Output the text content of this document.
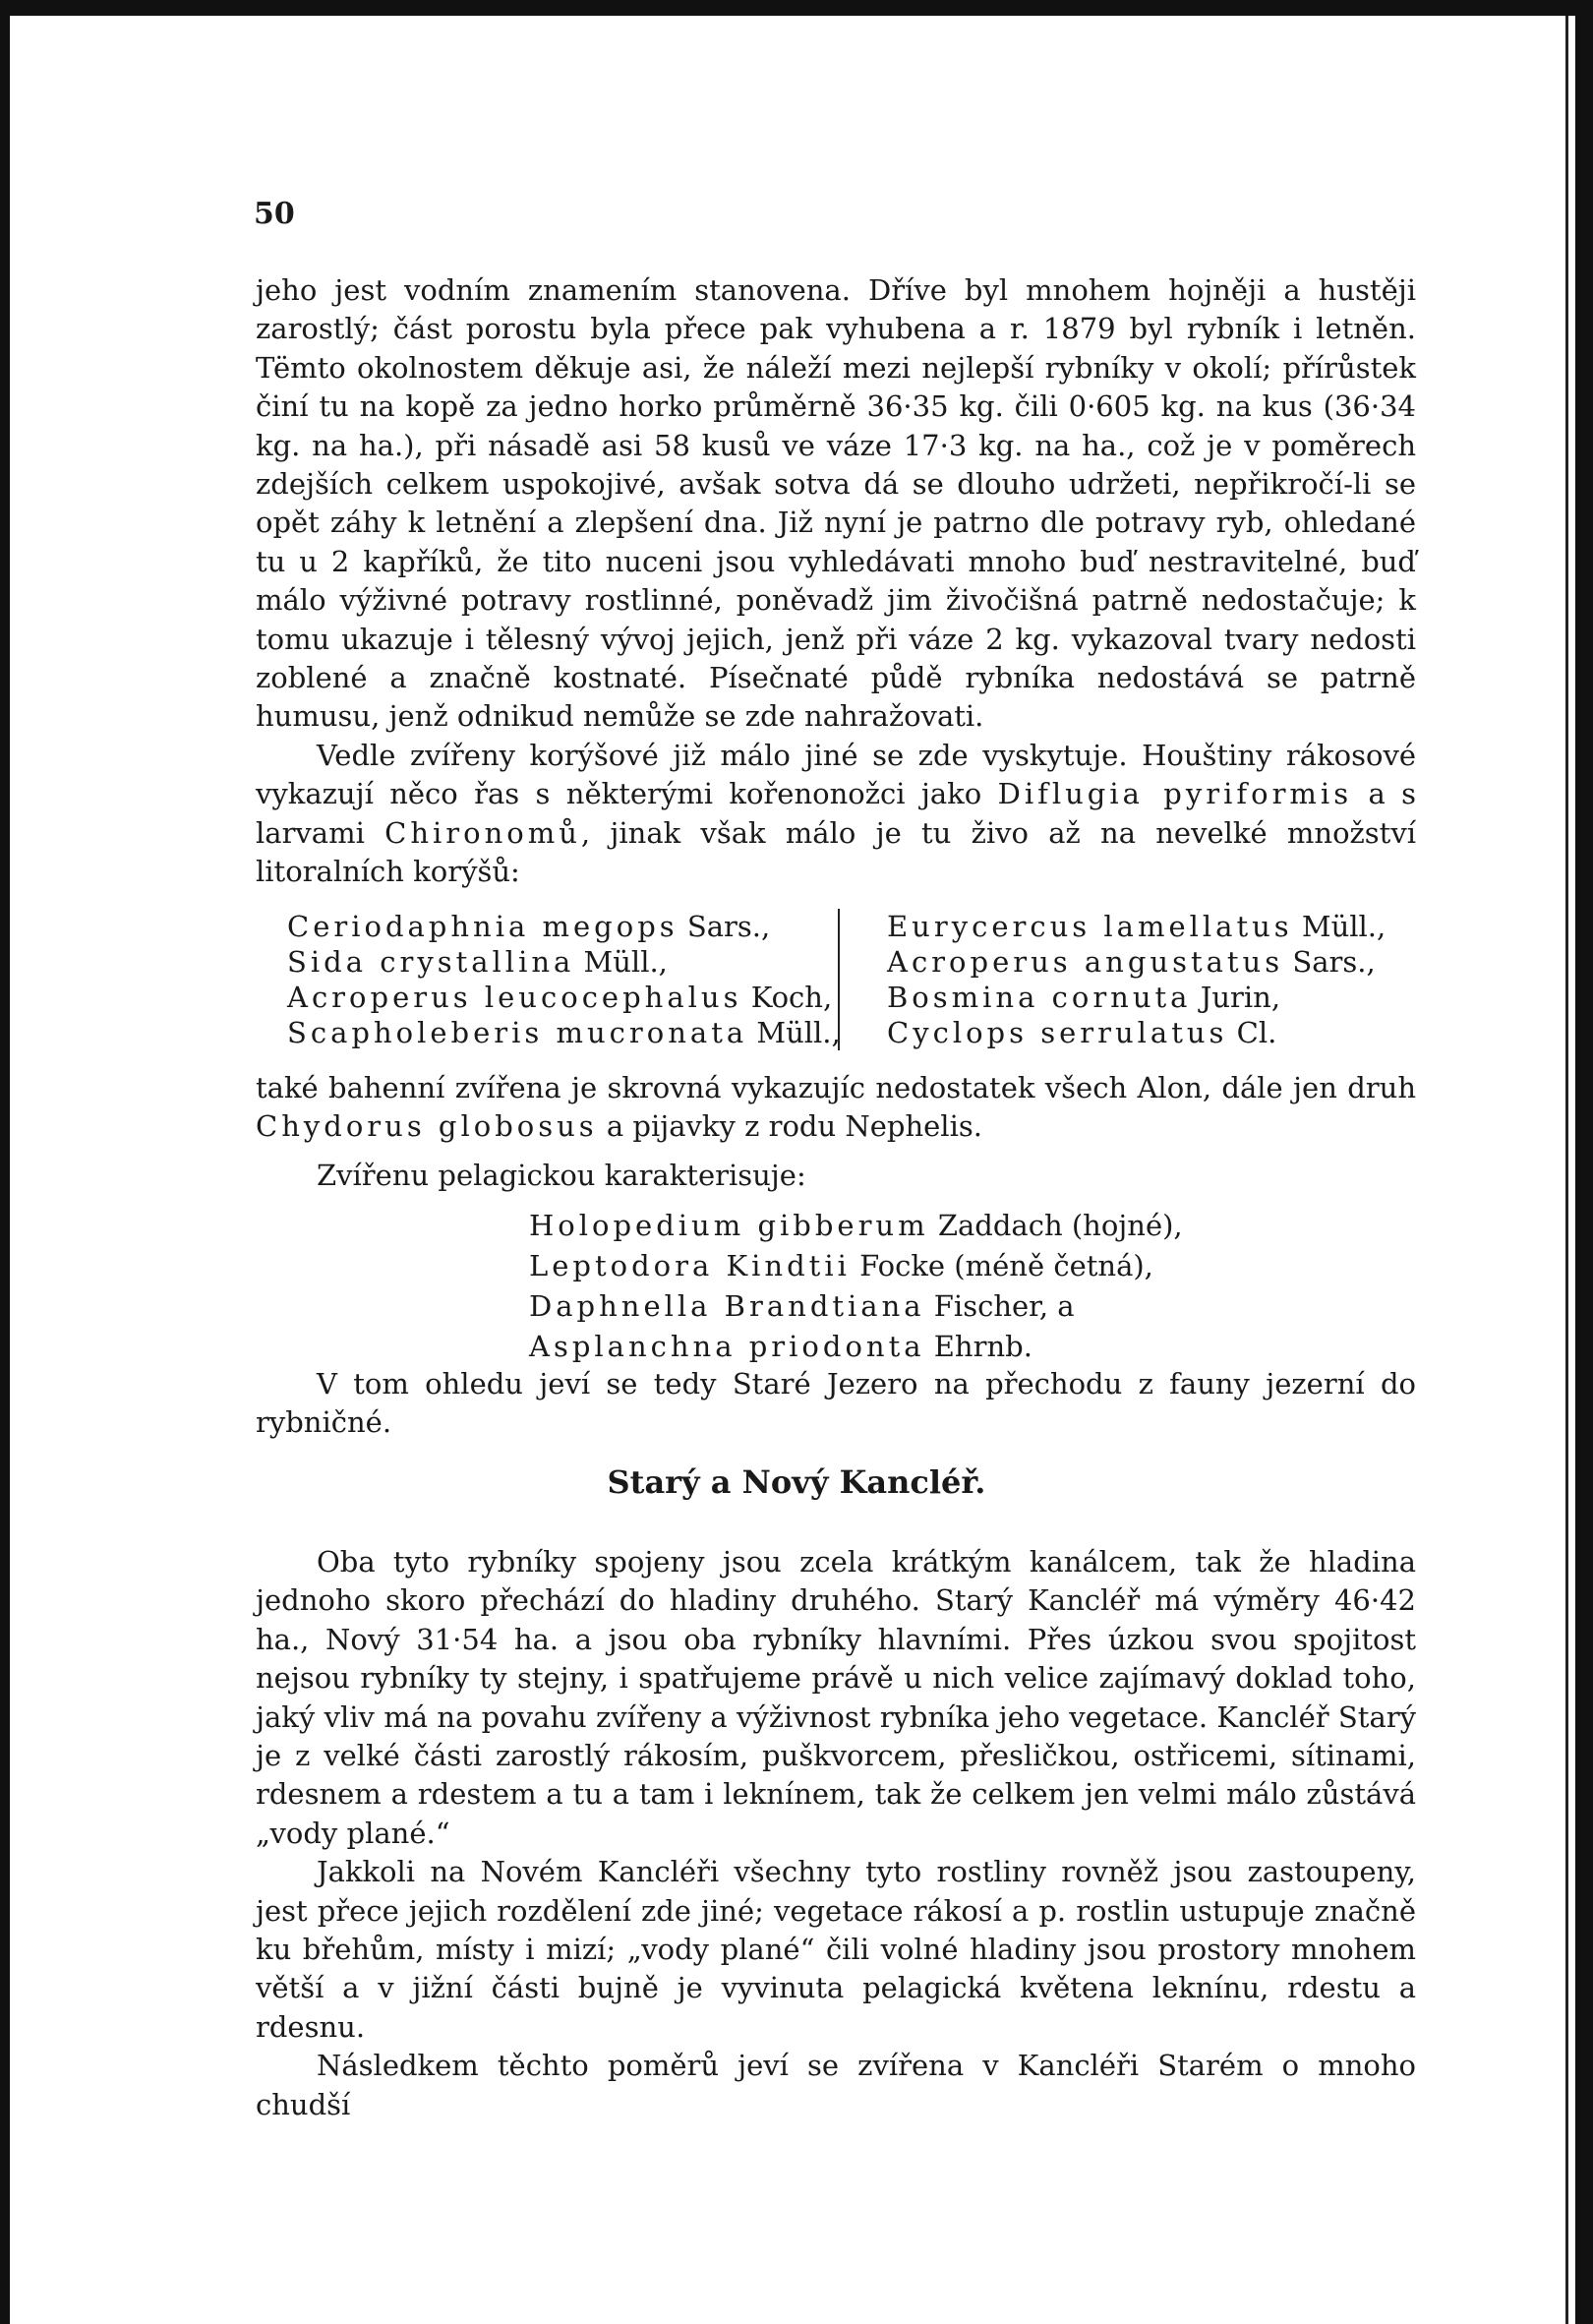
50

jeho jest vodním znamením stanovena. Dříve byl mnohem hojněji a hustěji zarostlý; část porostu byla přece pak vyhubena a r. 1879 byl rybník i letněn. Tëmto okolnostem děkuje asi, že náleží mezi nejlepší rybníky v okolí; přírůstek činí tu na kopě za jedno horko průměrně 36·35 kg. čili 0·605 kg. na kus (36·34 kg. na ha.), při násadě asi 58 kusů ve váze 17·3 kg. na ha., což je v poměrech zdejších celkem uspokojivé, avšak sotva dá se dlouho udržeti, nepřikročí-li se opět záhy k letnění a zlepšení dna. Již nyní je patrno dle potravy ryb, ohledané tu u 2 kapříků, že tito nuceni jsou vyhledávati mnoho buď nestravitelné, buď málo výživné potravy rostlinné, poněvadž jim živočišná patrně nedostačuje; k tomu ukazuje i tělesný vývoj jejich, jenž při váze 2 kg. vykazoval tvary nedosti zoblené a značně kostnaté. Písečnaté půdě rybníka nedostává se patrně humusu, jenž odnikud nemůže se zde nahražovati.

Vedle zvířeny korýšové již málo jiné se zde vyskytuje. Houštiny rákosové vykazují něco řas s některými kořenonožci jako Diflugia pyriformis a s larvami Chironomů, jinak však málo je tu živo až na nevelké množství litoralních korýšů:

Ceriodaphnia megops Sars.,
Sida crystallina Müll.,
Acroperus leucocephalus Koch,
Scapholeberis mucronata Müll.,
Eurycercus lamellatus Müll.,
Acroperus angustatus Sars.,
Bosmina cornuta Jurin,
Cyclops serrulatus Cl.

také bahenní zvířena je skrovná vykazujíc nedostatek všech Alon, dále jen druh Chydorus globosus a pijavky z rodu Nephelis.

Zvířenu pelagickou karakterisuje:

Holopedium gibberum Zaddach (hojné),
Leptodora Kindtii Focke (méně četná),
Daphnella Brandtiana Fischer, a
Asplanchna priodonta Ehrnb.

V tom ohledu jeví se tedy Staré Jezero na přechodu z fauny jezerní do rybničné.

Starý a Nový Kancléř.

Oba tyto rybníky spojeny jsou zcela krátkým kanálcem, tak že hladina jednoho skoro přechází do hladiny druhého. Starý Kancléř má výměry 46·42 ha., Nový 31·54 ha. a jsou oba rybníky hlavními. Přes úzkou svou spojitost nejsou rybníky ty stejny, i spatřujeme právě u nich velice zajímavý doklad toho, jaký vliv má na povahu zvířeny a výživnost rybníka jeho vegetace. Kancléř Starý je z velké části zarostlý rákosím, puškvorcem, přesličkou, ostřicemi, sítinami, rdesnem a rdestem a tu a tam i leknínem, tak že celkem jen velmi málo zůstává „vody plané.“

Jakkoli na Novém Kancléři všechny tyto rostliny rovněž jsou zastoupeny, jest přece jejich rozdělení zde jiné; vegetace rákosí a p. rostlin ustupuje značně ku břehům, místy i mizí; „vody plané“ čili volné hladiny jsou prostory mnohem větší a v jižní části bujně je vyvinuta pelagická květena leknínu, rdestu a rdesnu.

Následkem těchto poměrů jeví se zvířena v Kancléři Starém o mnoho chudší
